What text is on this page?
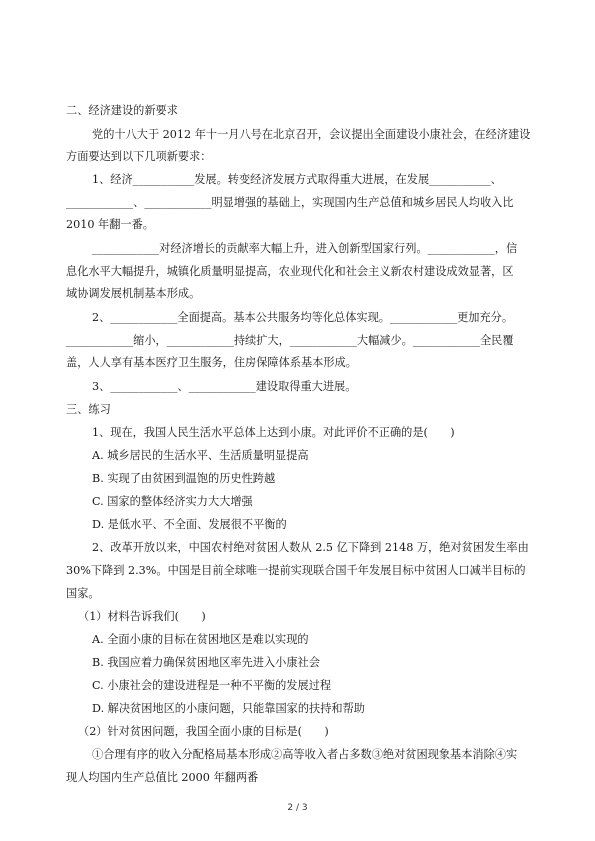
二、经济建设的新要求
党的十八大于 2012 年十一月八号在北京召开，会议提出全面建设小康社会，在经济建设
方面要达到以下几项新要求：
1、经济___________发展。转变经济发展方式取得重大进展，在发展___________、
____________、____________明显增强的基础上，实现国内生产总值和城乡居民人均收入比
2010 年翻一番。
____________对经济增长的贡献率大幅上升，进入创新型国家行列。____________，信
息化水平大幅提升，城镇化质量明显提高，农业现代化和社会主义新农村建设成效显著，区
域协调发展机制基本形成。
2、____________全面提高。基本公共服务均等化总体实现。____________更加充分。
____________缩小，____________持续扩大，____________大幅减少。____________全民覆
盖，人人享有基本医疗卫生服务，住房保障体系基本形成。
3、____________、____________建设取得重大进展。
三、练习
1、现在，我国人民生活水平总体上达到小康。对此评价不正确的是(　　)
A. 城乡居民的生活水平、生活质量明显提高
B. 实现了由贫困到温饱的历史性跨越
C. 国家的整体经济实力大大增强
D. 是低水平、不全面、发展很不平衡的
2、改革开放以来，中国农村绝对贫困人数从 2.5 亿下降到 2148 万，绝对贫困发生率由
30%下降到 2.3%。中国是目前全球唯一提前实现联合国千年发展目标中贫困人口减半目标的
国家。
（1）材料告诉我们(　　)
A. 全面小康的目标在贫困地区是难以实现的
B. 我国应着力确保贫困地区率先进入小康社会
C. 小康社会的建设进程是一种不平衡的发展过程
D. 解决贫困地区的小康问题，只能靠国家的扶持和帮助
（2）针对贫困问题，我国全面小康的目标是(　　)
①合理有序的收入分配格局基本形成②高等收入者占多数③绝对贫困现象基本消除④实
现人均国内生产总值比 2000 年翻两番
2 / 3
